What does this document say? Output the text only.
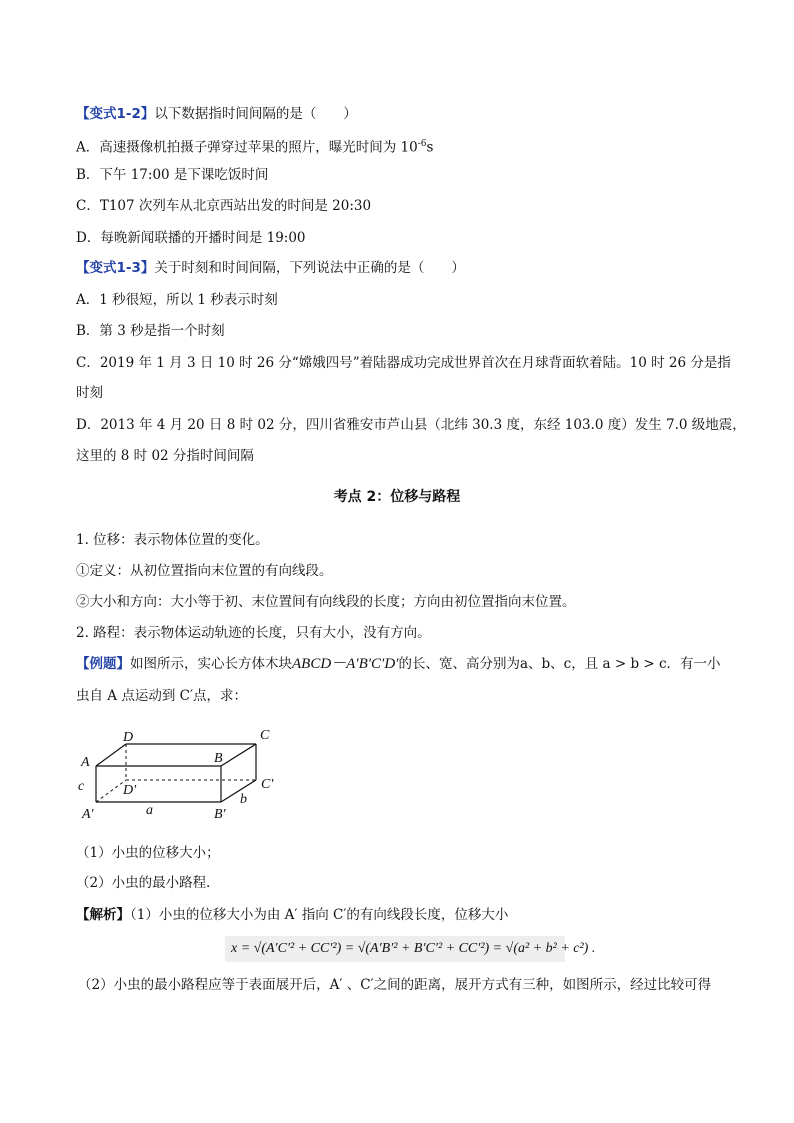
【变式1-2】以下数据指时间间隔的是（　　）
A．高速摄像机拍摄子弹穿过苹果的照片，曝光时间为 $10^{-6}s$
B．下午 17:00 是下课吃饭时间
C．T107 次列车从北京西站出发的时间是 20:30
D．每晚新闻联播的开播时间是 19:00
【变式1-3】关于时刻和时间间隔，下列说法中正确的是（　　）
A．1 秒很短，所以 1 秒表示时刻
B．第 3 秒是指一个时刻
C．2019 年 1 月 3 日 10 时 26 分“嫦娥四号”着陆器成功完成世界首次在月球背面软着陆。10 时 26 分是指
时刻
D．2013 年 4 月 20 日 8 时 02 分，四川省雅安市芦山县（北纬 30.3 度，东经 103.0 度）发生 7.0 级地震，
这里的 8 时 02 分指时间间隔
考点 2：位移与路程
1. 位移：表示物体位置的变化。
①定义：从初位置指向末位置的有向线段。
②大小和方向：大小等于初、末位置间有向线段的长度；方向由初位置指向末位置。
2. 路程：表示物体运动轨迹的长度，只有大小，没有方向。
【例题】如图所示，实心长方体木块ABCD－A′B′C′D′的长、宽、高分别为a、b、c，且 a > b > c．有一小
虫自 A 点运动到 C′点，求：
D	C
A	B
C'
D'
c
a
b
A'	B'
（1）小虫的位移大小；
（2）小虫的最小路程．
【解析】（1）小虫的位移大小为由 A′ 指向 C′的有向线段长度，位移大小
x = √(A′C′² + CC′²) = √(A′B′² + B′C′² + CC′²) = √(a² + b² + c²) .
（2）小虫的最小路程应等于表面展开后，A′ 、C′之间的距离，展开方式有三种，如图所示，经过比较可得
